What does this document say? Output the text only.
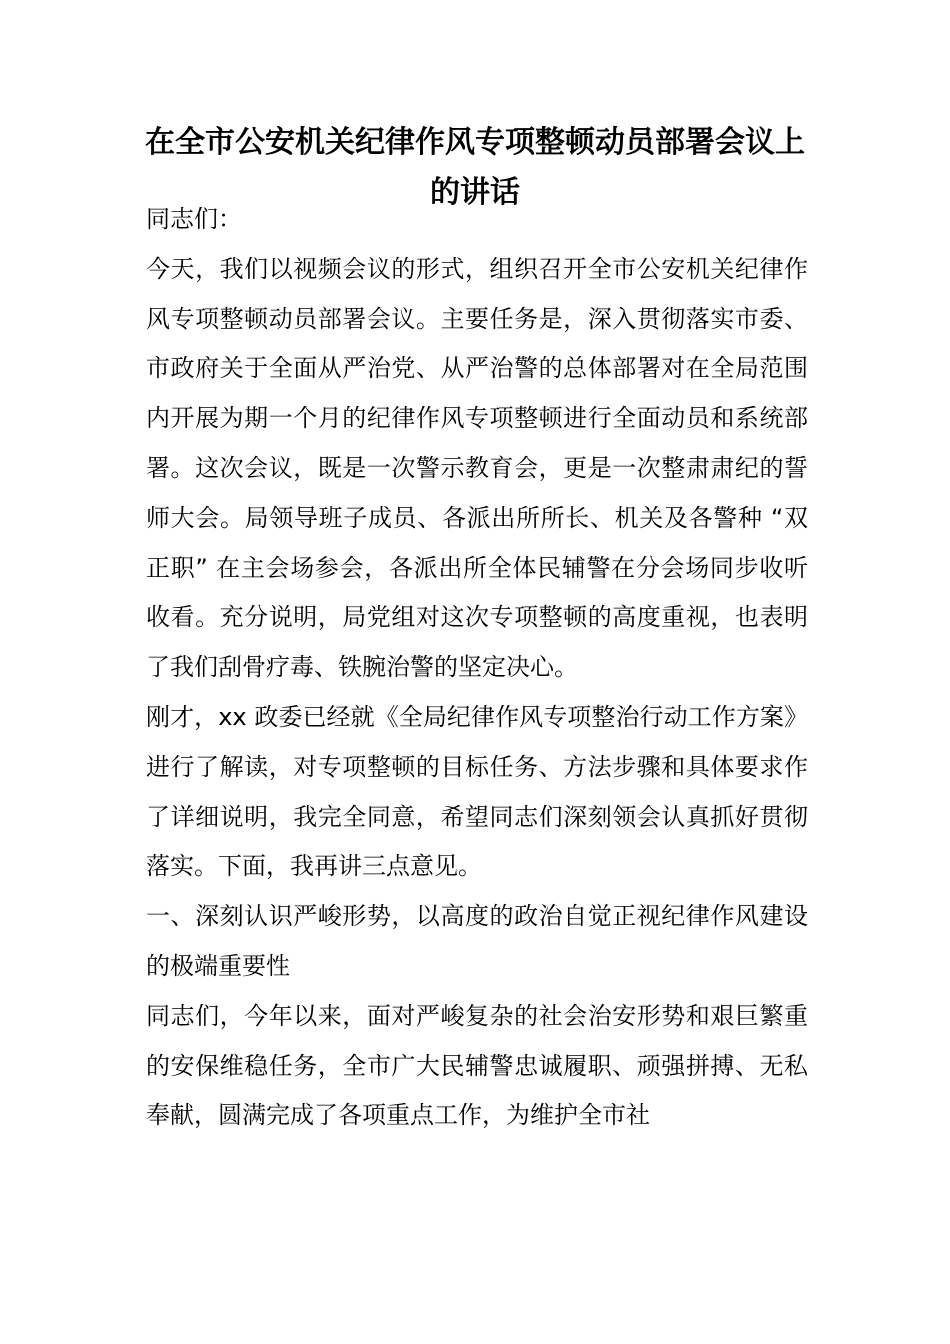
在全市公安机关纪律作风专项整顿动员部署会议上的讲话

同志们：

今天，我们以视频会议的形式，组织召开全市公安机关纪律作风专项整顿动员部署会议。主要任务是，深入贯彻落实市委、市政府关于全面从严治党、从严治警的总体部署对在全局范围内开展为期一个月的纪律作风专项整顿进行全面动员和系统部署。这次会议，既是一次警示教育会，更是一次整肃肃纪的誓师大会。局领导班子成员、各派出所所长、机关及各警种 “双正职” 在主会场参会，各派出所全体民辅警在分会场同步收听收看。充分说明，局党组对这次专项整顿的高度重视，也表明了我们刮骨疗毒、铁腕治警的坚定决心。

刚才，xx 政委已经就《全局纪律作风专项整治行动工作方案》进行了解读，对专项整顿的目标任务、方法步骤和具体要求作了详细说明，我完全同意，希望同志们深刻领会认真抓好贯彻落实。下面，我再讲三点意见。

一、深刻认识严峻形势，以高度的政治自觉正视纪律作风建设的极端重要性

同志们，今年以来，面对严峻复杂的社会治安形势和艰巨繁重的安保维稳任务，全市广大民辅警忠诚履职、顽强拼搏、无私奉献，圆满完成了各项重点工作，为维护全市社
